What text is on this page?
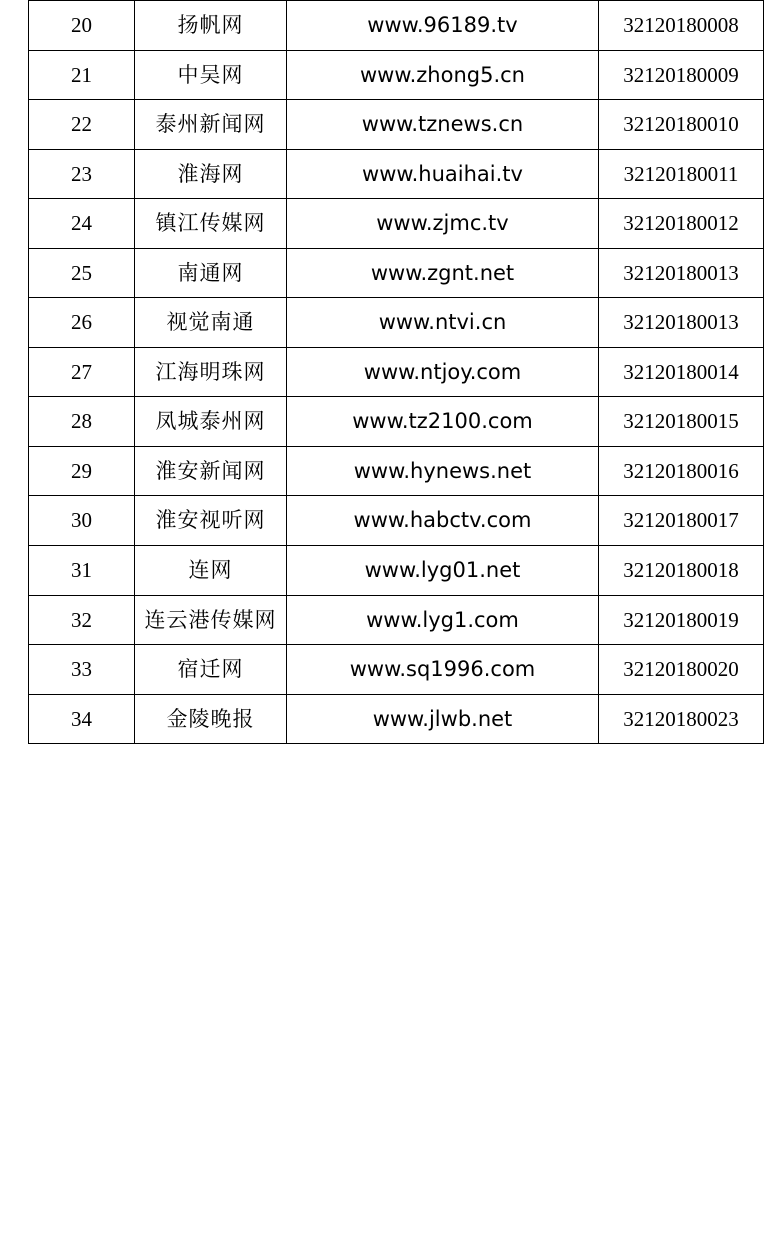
20	扬帆网	www.96189.tv	32120180008
21	中吴网	www.zhong5.cn	32120180009
22	泰州新闻网	www.tznews.cn	32120180010
23	淮海网	www.huaihai.tv	32120180011
24	镇江传媒网	www.zjmc.tv	32120180012
25	南通网	www.zgnt.net	32120180013
26	视觉南通	www.ntvi.cn	32120180013
27	江海明珠网	www.ntjoy.com	32120180014
28	凤城泰州网	www.tz2100.com	32120180015
29	淮安新闻网	www.hynews.net	32120180016
30	淮安视听网	www.habctv.com	32120180017
31	连网	www.lyg01.net	32120180018
32	连云港传媒网	www.lyg1.com	32120180019
33	宿迁网	www.sq1996.com	32120180020
34	金陵晚报	www.jlwb.net	32120180023
